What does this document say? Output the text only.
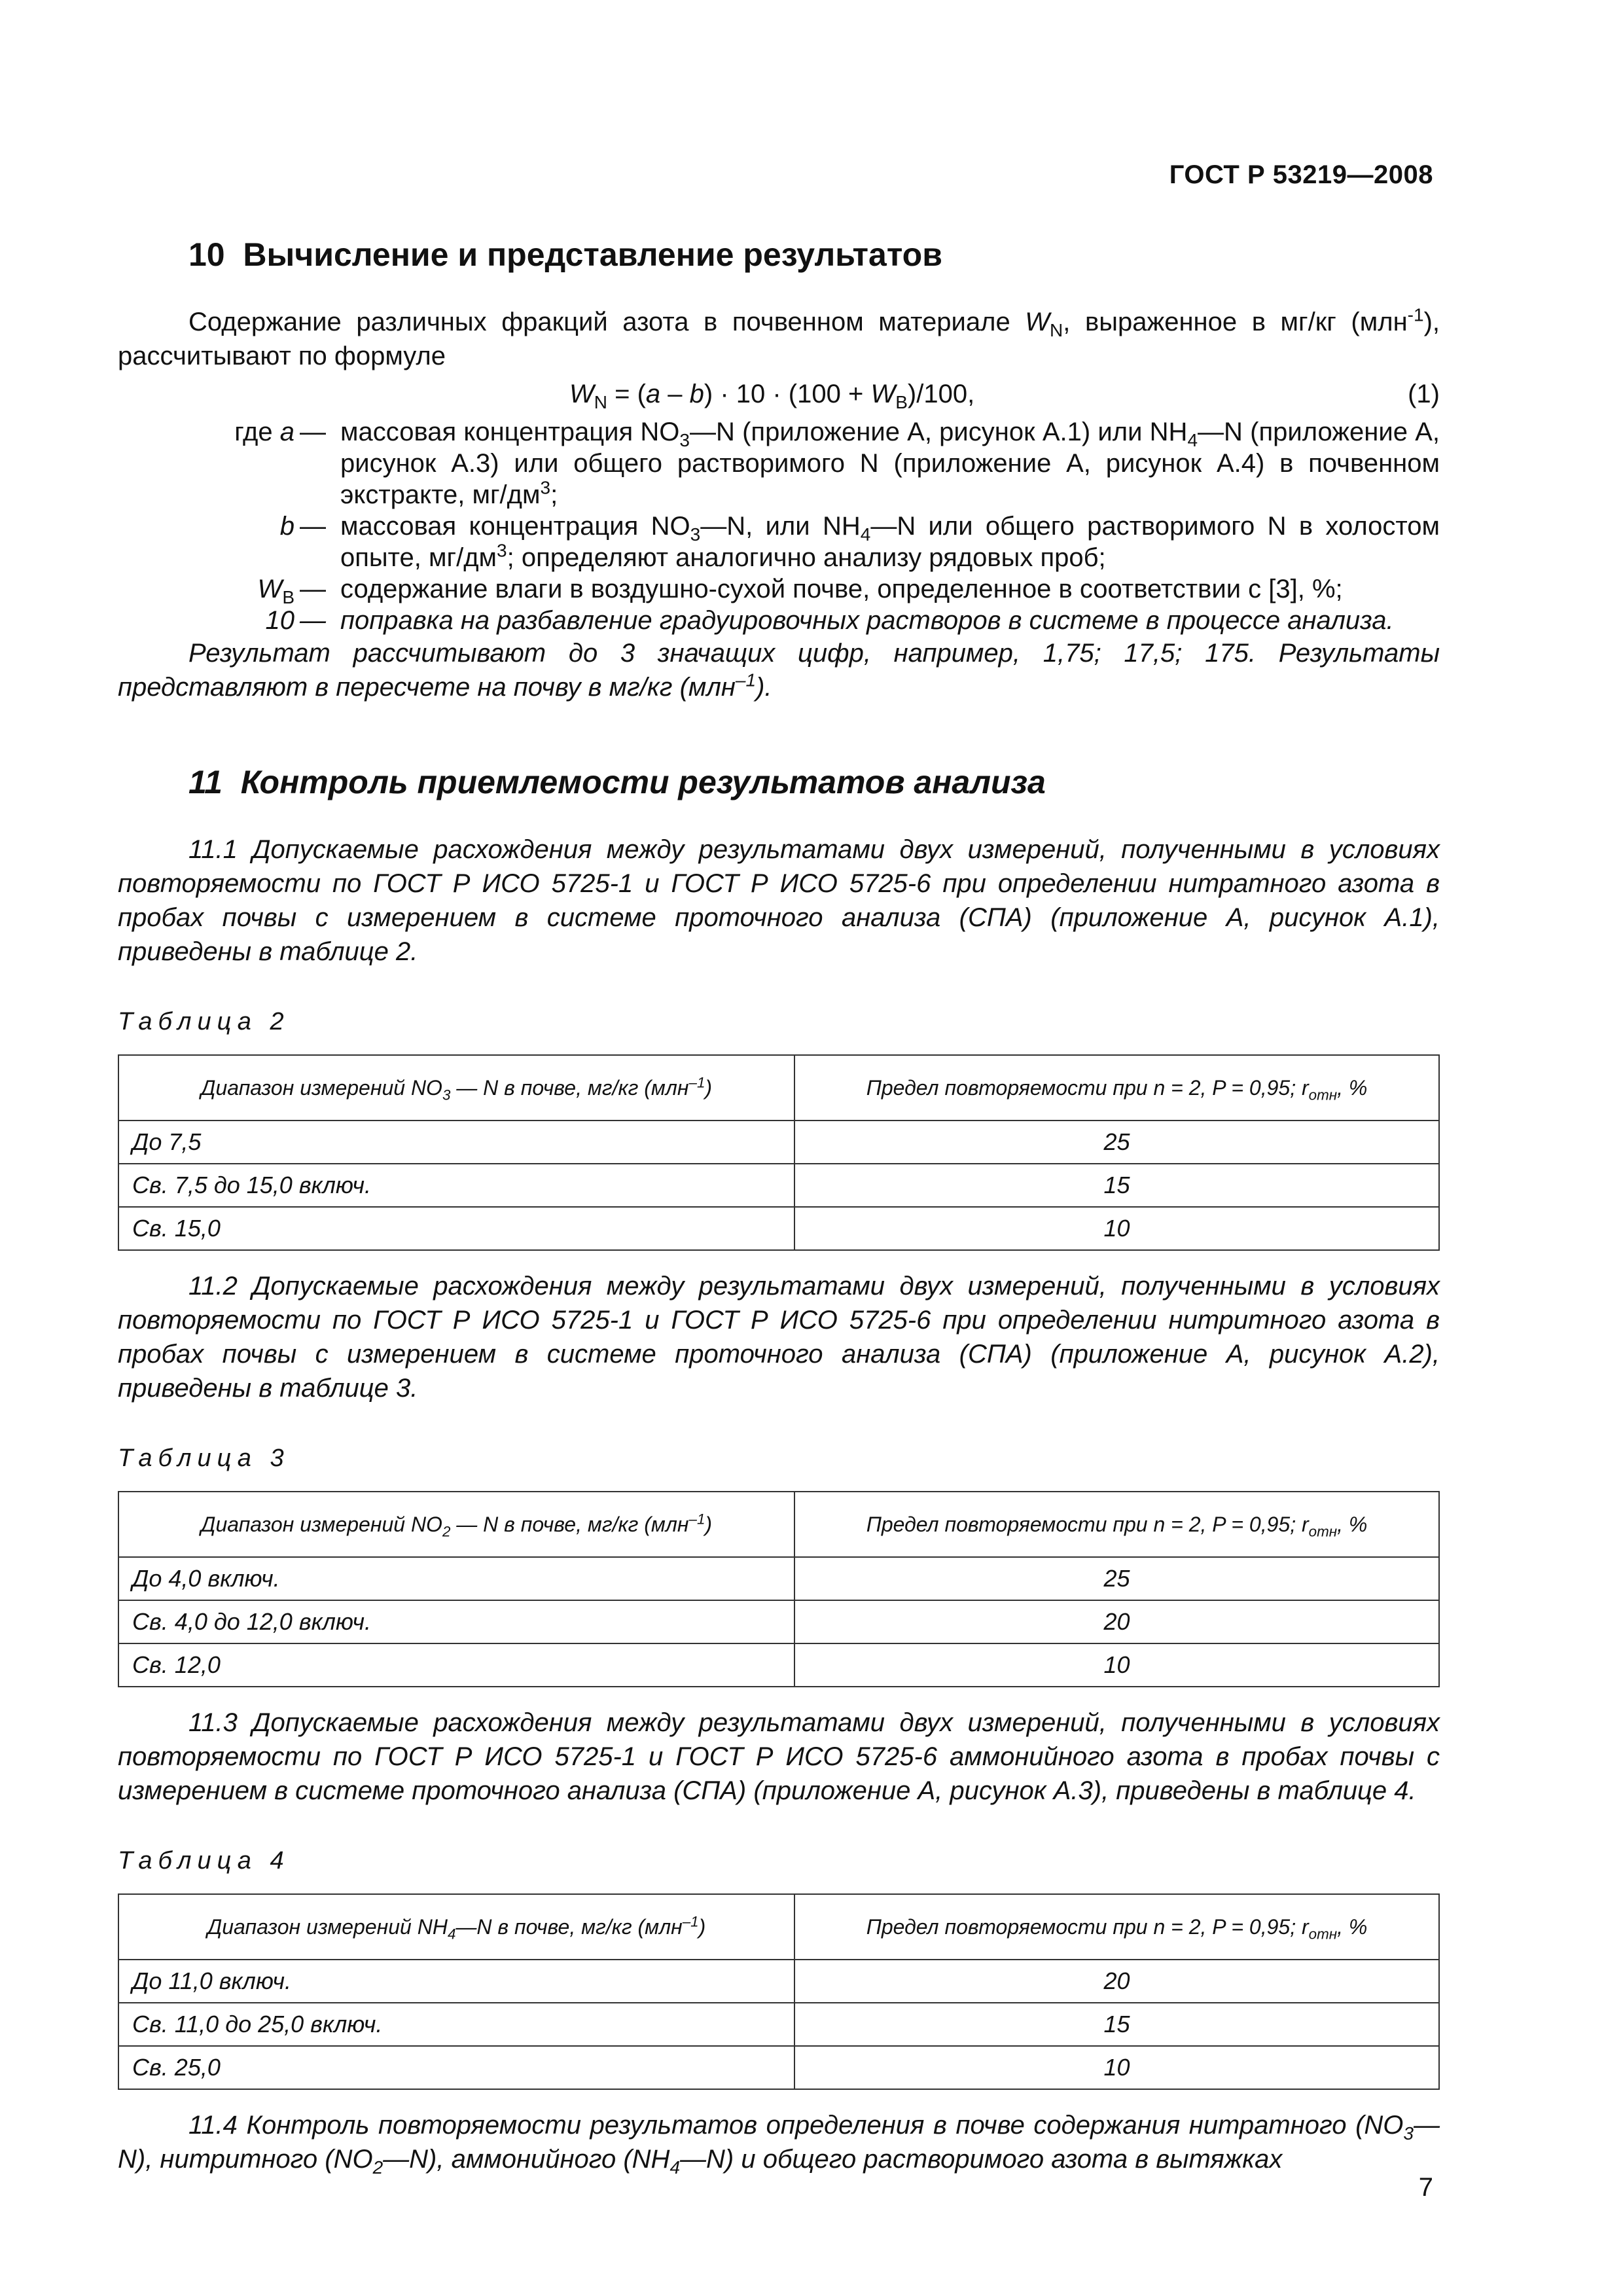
ГОСТ Р 53219—2008
10 Вычисление и представление результатов

Содержание различных фракций азота в почвенном материале $W_N$, выраженное в мг/кг (млн$^{-1}$), рассчитывают по формуле

$W_N = (a - b) \cdot 10 \cdot (100 + W_B)/100$,	(1)
где a — массовая концентрация $NO_3—N$ (приложение А, рисунок А.1) или $NH_4—N$ (приложение А, рисунок А.3) или общего растворимого N (приложение А, рисунок А.4) в почвенном экстракте, $мг/дм^3$;
b — массовая концентрация $NO_3—N$, или $NH_4—N$ или общего растворимого N в холостом опыте, $мг/дм^3$; определяют аналогично анализу рядовых проб;
$W_B$ — содержание влаги в воздушно-сухой почве, определенное в соответствии с [3], %;
10 — поправка на разбавление градуировочных растворов в системе в процессе анализа.

Результат рассчитывают до 3 значащих цифр, например, 1,75; 17,5; 175. Результаты представляют в пересчете на почву в мг/кг (млн$^{-1}$).

11 Контроль приемлемости результатов анализа

11.1 Допускаемые расхождения между результатами двух измерений, полученными в условиях повторяемости по ГОСТ Р ИСО 5725-1 и ГОСТ Р ИСО 5725-6 при определении нитратного азота в пробах почвы с измерением в системе проточного анализа (СПА) (приложение А, рисунок А.1), приведены в таблице 2.

Таблица 2
Диапазон измерений $NO_3$ — N в почве, мг/кг (млн$^{-1}$)	Предел повторяемости при n = 2, P = 0,95; $r_{отн}$, %
До 7,5	25
Св. 7,5 до 15,0 включ.	15
Св. 15,0	10

11.2 Допускаемые расхождения между результатами двух измерений, полученными в условиях повторяемости по ГОСТ Р ИСО 5725-1 и ГОСТ Р ИСО 5725-6 при определении нитритного азота в пробах почвы с измерением в системе проточного анализа (СПА) (приложение А, рисунок А.2), приведены в таблице 3.

Таблица 3
Диапазон измерений $NO_2$ — N в почве, мг/кг (млн$^{-1}$)	Предел повторяемости при n = 2, P = 0,95; $r_{отн}$, %
До 4,0 включ.	25
Св. 4,0 до 12,0 включ.	20
Св. 12,0	10

11.3 Допускаемые расхождения между результатами двух измерений, полученными в условиях повторяемости по ГОСТ Р ИСО 5725-1 и ГОСТ Р ИСО 5725-6 аммонийного азота в пробах почвы с измерением в системе проточного анализа (СПА) (приложение А, рисунок А.3), приведены в таблице 4.

Таблица 4
Диапазон измерений $NH_4—N$ в почве, мг/кг (млн$^{-1}$)	Предел повторяемости при n = 2, P = 0,95; $r_{отн}$, %
До 11,0 включ.	20
Св. 11,0 до 25,0 включ.	15
Св. 25,0	10

11.4 Контроль повторяемости результатов определения в почве содержания нитратного $(NO_3—N)$, нитритного $(NO_2—N)$, аммонийного $(NH_4—N)$ и общего растворимого азота в вытяжках

7
